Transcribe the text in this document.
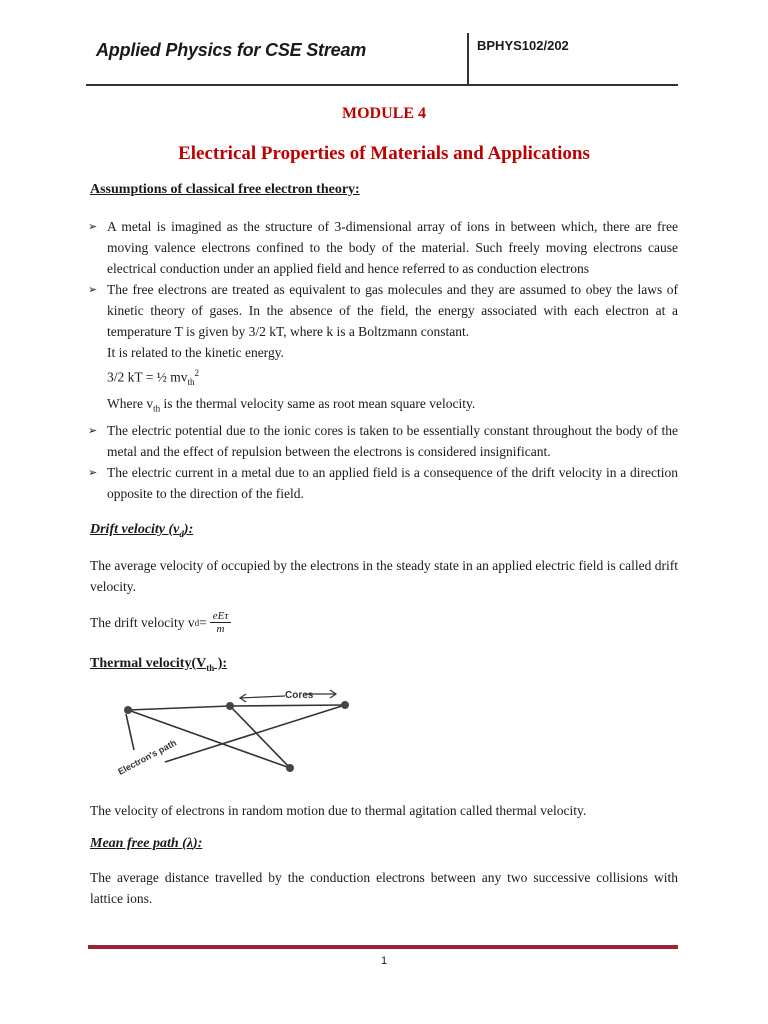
Applied Physics for CSE Stream	BPHYS102/202
MODULE 4
Electrical Properties of Materials and Applications
Assumptions of classical free electron theory:
➢ A metal is imagined as the structure of 3-dimensional array of ions in between which, there are free moving valence electrons confined to the body of the material. Such freely moving electrons cause electrical conduction under an applied field and hence referred to as conduction electrons
➢ The free electrons are treated as equivalent to gas molecules and they are assumed to obey the laws of kinetic theory of gases. In the absence of the field, the energy associated with each electron at a temperature T is given by 3/2 kT, where k is a Boltzmann constant.
It is related to the kinetic energy.
3/2 kT = ½ $mv_{th}^2$
Where $v_{th}$ is the thermal velocity same as root mean square velocity.
➢ The electric potential due to the ionic cores is taken to be essentially constant throughout the body of the metal and the effect of repulsion between the electrons is considered insignificant.
➢ The electric current in a metal due to an applied field is a consequence of the drift velocity in a direction opposite to the direction of the field.
Drift velocity $(v_d)$:
The average velocity of occupied by the electrons in the steady state in an applied electric field is called drift velocity.
The drift velocity v $d = \frac{\text{eEτ}}{m}$
Thermal $velocity(V_{th}$ ):
Cores
Electron's path
The velocity of electrons in random motion due to thermal agitation called thermal velocity.
Mean free path (λ):
The average distance travelled by the conduction electrons between any two successive collisions with lattice ions.
1
